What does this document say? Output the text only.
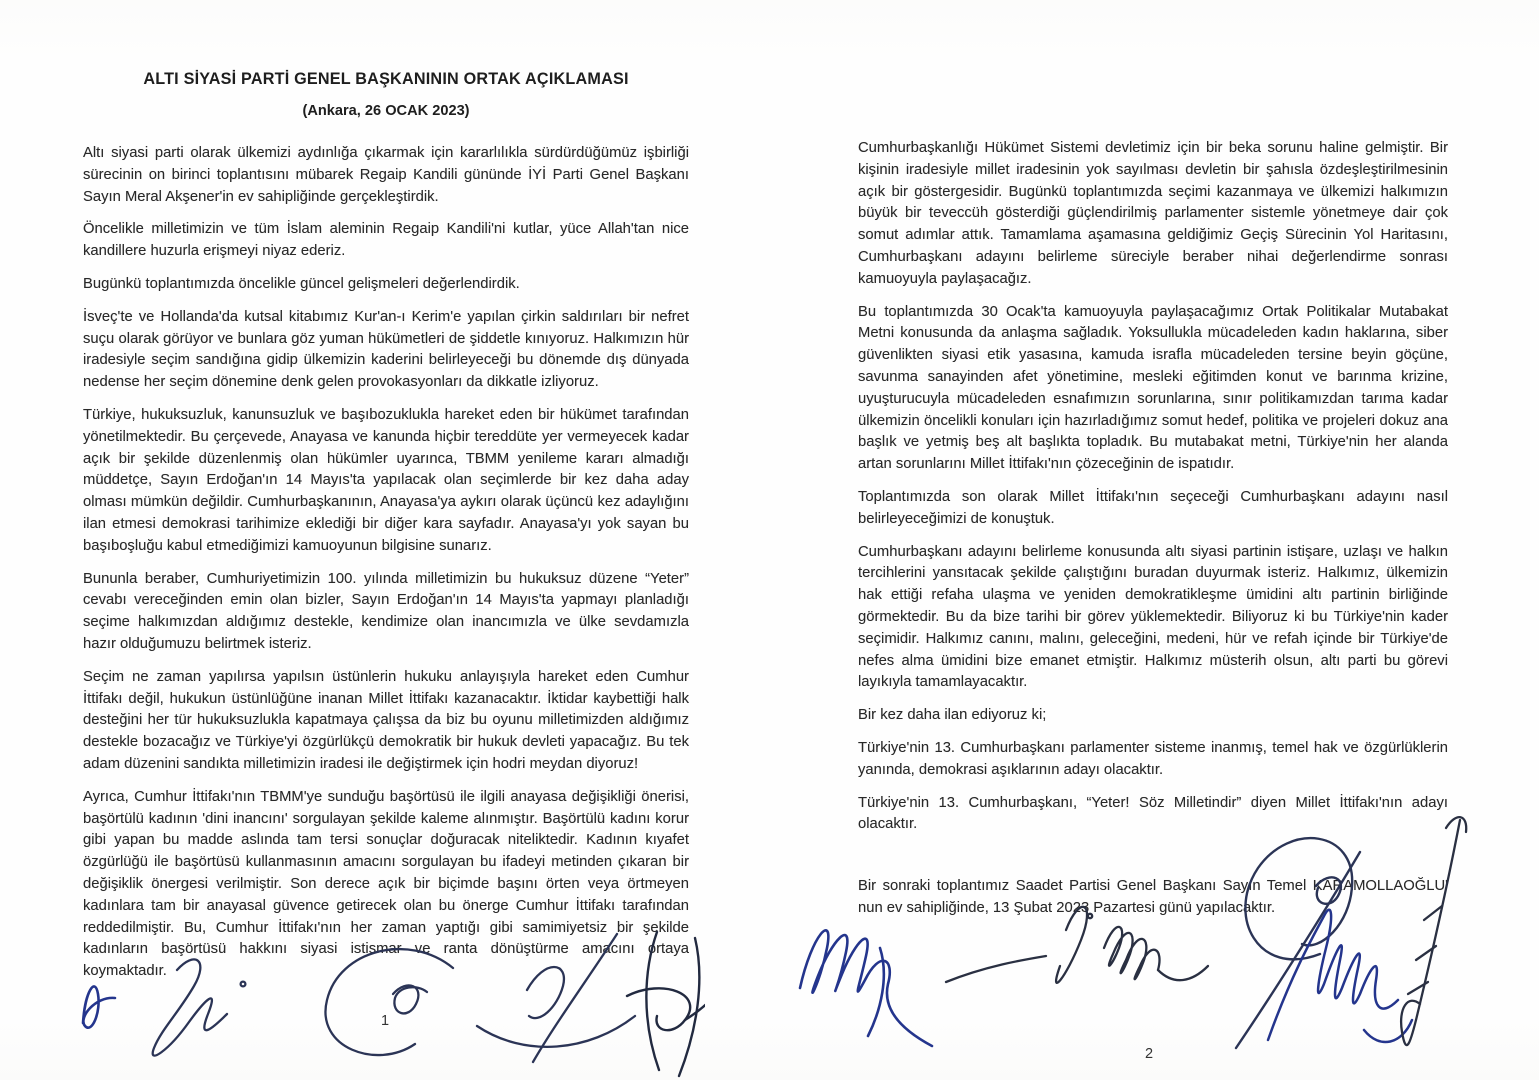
ALTI SİYASİ PARTİ GENEL BAŞKANININ ORTAK AÇIKLAMASI
(Ankara, 26 OCAK 2023)

Altı siyasi parti olarak ülkemizi aydınlığa çıkarmak için kararlılıkla sürdürdüğümüz işbirliği sürecinin on birinci toplantısını mübarek Regaip Kandili gününde İYİ Parti Genel Başkanı Sayın Meral Akşener'in ev sahipliğinde gerçekleştirdik.

Öncelikle milletimizin ve tüm İslam aleminin Regaip Kandili'ni kutlar, yüce Allah'tan nice kandillere huzurla erişmeyi niyaz ederiz.

Bugünkü toplantımızda öncelikle güncel gelişmeleri değerlendirdik.

İsveç'te ve Hollanda'da kutsal kitabımız Kur'an-ı Kerim'e yapılan çirkin saldırıları bir nefret suçu olarak görüyor ve bunlara göz yuman hükümetleri de şiddetle kınıyoruz. Halkımızın hür iradesiyle seçim sandığına gidip ülkemizin kaderini belirleyeceği bu dönemde dış dünyada nedense her seçim dönemine denk gelen provokasyonları da dikkatle izliyoruz.

Türkiye, hukuksuzluk, kanunsuzluk ve başıbozuklukla hareket eden bir hükümet tarafından yönetilmektedir. Bu çerçevede, Anayasa ve kanunda hiçbir tereddüte yer vermeyecek kadar açık bir şekilde düzenlenmiş olan hükümler uyarınca, TBMM yenileme kararı almadığı müddetçe, Sayın Erdoğan'ın 14 Mayıs'ta yapılacak olan seçimlerde bir kez daha aday olması mümkün değildir. Cumhurbaşkanının, Anayasa'ya aykırı olarak üçüncü kez adaylığını ilan etmesi demokrasi tarihimize eklediği bir diğer kara sayfadır. Anayasa'yı yok sayan bu başıboşluğu kabul etmediğimizi kamuoyunun bilgisine sunarız.

Bununla beraber, Cumhuriyetimizin 100. yılında milletimizin bu hukuksuz düzene “Yeter” cevabı vereceğinden emin olan bizler, Sayın Erdoğan'ın 14 Mayıs'ta yapmayı planladığı seçime halkımızdan aldığımız destekle, kendimize olan inancımızla ve ülke sevdamızla hazır olduğumuzu belirtmek isteriz.

Seçim ne zaman yapılırsa yapılsın üstünlerin hukuku anlayışıyla hareket eden Cumhur İttifakı değil, hukukun üstünlüğüne inanan Millet İttifakı kazanacaktır. İktidar kaybettiği halk desteğini her tür hukuksuzlukla kapatmaya çalışsa da biz bu oyunu milletimizden aldığımız destekle bozacağız ve Türkiye'yi özgürlükçü demokratik bir hukuk devleti yapacağız. Bu tek adam düzenini sandıkta milletimizin iradesi ile değiştirmek için hodri meydan diyoruz!

Ayrıca, Cumhur İttifakı'nın TBMM'ye sunduğu başörtüsü ile ilgili anayasa değişikliği önerisi, başörtülü kadının 'dini inancını' sorgulayan şekilde kaleme alınmıştır. Başörtülü kadını korur gibi yapan bu madde aslında tam tersi sonuçlar doğuracak niteliktedir. Kadının kıyafet özgürlüğü ile başörtüsü kullanmasının amacını sorgulayan bu ifadeyi metinden çıkaran bir değişiklik önergesi verilmiştir. Son derece açık bir biçimde başını örten veya örtmeyen kadınlara tam bir anayasal güvence getirecek olan bu önerge Cumhur İttifakı tarafından reddedilmiştir. Bu, Cumhur İttifakı'nın her zaman yaptığı gibi samimiyetsiz bir şekilde kadınların başörtüsü hakkını siyasi istismar ve ranta dönüştürme amacını ortaya koymaktadır.

Cumhurbaşkanlığı Hükümet Sistemi devletimiz için bir beka sorunu haline gelmiştir. Bir kişinin iradesiyle millet iradesinin yok sayılması devletin bir şahısla özdeşleştirilmesinin açık bir göstergesidir. Bugünkü toplantımızda seçimi kazanmaya ve ülkemizi halkımızın büyük bir teveccüh gösterdiği güçlendirilmiş parlamenter sistemle yönetmeye dair çok somut adımlar attık. Tamamlama aşamasına geldiğimiz Geçiş Sürecinin Yol Haritasını, Cumhurbaşkanı adayını belirleme süreciyle beraber nihai değerlendirme sonrası kamuoyuyla paylaşacağız.

Bu toplantımızda 30 Ocak'ta kamuoyuyla paylaşacağımız Ortak Politikalar Mutabakat Metni konusunda da anlaşma sağladık. Yoksullukla mücadeleden kadın haklarına, siber güvenlikten siyasi etik yasasına, kamuda israfla mücadeleden tersine beyin göçüne, savunma sanayinden afet yönetimine, mesleki eğitimden konut ve barınma krizine, uyuşturucuyla mücadeleden esnafımızın sorunlarına, sınır politikamızdan tarıma kadar ülkemizin öncelikli konuları için hazırladığımız somut hedef, politika ve projeleri dokuz ana başlık ve yetmiş beş alt başlıkta topladık. Bu mutabakat metni, Türkiye'nin her alanda artan sorunlarını Millet İttifakı'nın çözeceğinin de ispatıdır.

Toplantımızda son olarak Millet İttifakı'nın seçeceği Cumhurbaşkanı adayını nasıl belirleyeceğimizi de konuştuk.

Cumhurbaşkanı adayını belirleme konusunda altı siyasi partinin istişare, uzlaşı ve halkın tercihlerini yansıtacak şekilde çalıştığını buradan duyurmak isteriz. Halkımız, ülkemizin hak ettiği refaha ulaşma ve yeniden demokratikleşme ümidini altı partinin birliğinde görmektedir. Bu da bize tarihi bir görev yüklemektedir. Biliyoruz ki bu Türkiye'nin kader seçimidir. Halkımız canını, malını, geleceğini, medeni, hür ve refah içinde bir Türkiye'de nefes alma ümidini bize emanet etmiştir. Halkımız müsterih olsun, altı parti bu görevi layıkıyla tamamlayacaktır.

Bir kez daha ilan ediyoruz ki;

Türkiye'nin 13. Cumhurbaşkanı parlamenter sisteme inanmış, temel hak ve özgürlüklerin yanında, demokrasi aşıklarının adayı olacaktır.

Türkiye'nin 13. Cumhurbaşkanı, “Yeter! Söz Milletindir” diyen Millet İttifakı'nın adayı olacaktır.

Bir sonraki toplantımız Saadet Partisi Genel Başkanı Sayın Temel KARAMOLLAOĞLU' nun ev sahipliğinde, 13 Şubat 2023 Pazartesi günü yapılacaktır.

1
2
